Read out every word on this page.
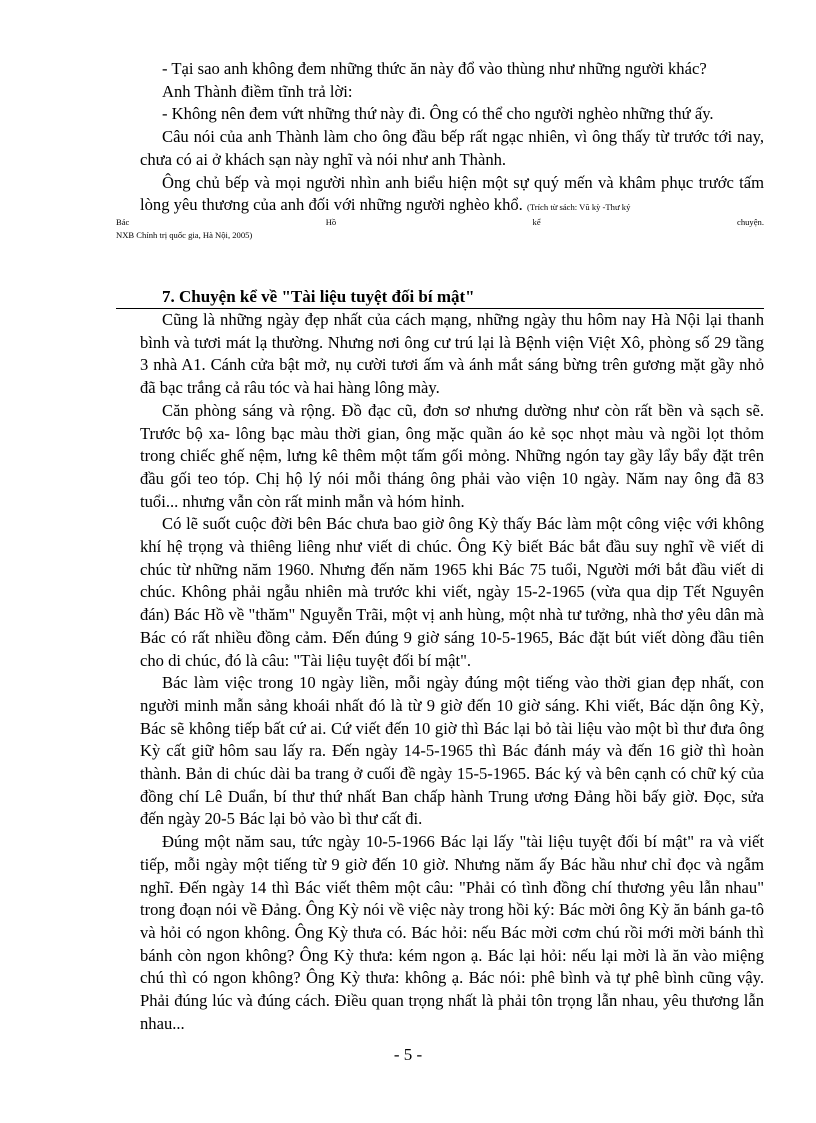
- Tại sao anh không đem những thức ăn này đổ vào thùng như những người khác?

Anh Thành điềm tĩnh trả lời:

- Không nên đem vứt những thứ này đi. Ông có thể cho người nghèo những thứ ấy.

Câu nói của anh Thành làm cho ông đầu bếp rất ngạc nhiên, vì ông thấy từ trước tới nay, chưa có ai ở khách sạn này nghĩ và nói như anh Thành.

Ông chủ bếp và mọi người nhìn anh biểu hiện một sự quý mến và khâm phục trước tấm lòng yêu thương của anh đối với những người nghèo khổ. (Trích từ sách: Vũ kỳ -Thư ký

Bác	Hồ	kể	chuyện.
NXB Chính trị quốc gia, Hà Nội, 2005)
7. Chuyện kể về "Tài liệu tuyệt đối bí mật"

Cũng là những ngày đẹp nhất của cách mạng, những ngày thu hôm nay Hà Nội lại thanh bình và tươi mát lạ thường. Nhưng nơi ông cư trú lại là Bệnh viện Việt Xô, phòng số 29 tầng 3 nhà A1. Cánh cửa bật mở, nụ cười tươi ấm và ánh mắt sáng bừng trên gương mặt gầy nhỏ đã bạc trắng cả râu tóc và hai hàng lông mày.

Căn phòng sáng và rộng. Đồ đạc cũ, đơn sơ nhưng dường như còn rất bền và sạch sẽ. Trước bộ xa- lông bạc màu thời gian, ông mặc quần áo kẻ sọc nhọt màu và ngồi lọt thỏm trong chiếc ghế nệm, lưng kê thêm một tấm gối mỏng. Những ngón tay gầy lẩy bẩy đặt trên đầu gối teo tóp. Chị hộ lý nói mỗi tháng ông phải vào viện 10 ngày. Năm nay ông đã 83 tuổi... nhưng vẫn còn rất minh mẫn và hóm hỉnh.

Có lẽ suốt cuộc đời bên Bác chưa bao giờ ông Kỳ thấy Bác làm một công việc với không khí hệ trọng và thiêng liêng như viết di chúc. Ông Kỳ biết Bác bắt đầu suy nghĩ về viết di chúc từ những năm 1960. Nhưng đến năm 1965 khi Bác 75 tuổi, Người mới bắt đầu viết di chúc. Không phải ngẫu nhiên mà trước khi viết, ngày 15-2-1965 (vừa qua dịp Tết Nguyên đán) Bác Hồ về "thăm" Nguyễn Trãi, một vị anh hùng, một nhà tư tưởng, nhà thơ yêu dân mà Bác có rất nhiều đồng cảm. Đến đúng 9 giờ sáng 10-5-1965, Bác đặt bút viết dòng đầu tiên cho di chúc, đó là câu: "Tài liệu tuyệt đối bí mật".

Bác làm việc trong 10 ngày liền, mỗi ngày đúng một tiếng vào thời gian đẹp nhất, con người minh mẫn sảng khoái nhất đó là từ 9 giờ đến 10 giờ sáng. Khi viết, Bác dặn ông Kỳ, Bác sẽ không tiếp bất cứ ai. Cứ viết đến 10 giờ thì Bác lại bỏ tài liệu vào một bì thư đưa ông Kỳ cất giữ hôm sau lấy ra. Đến ngày 14-5-1965 thì Bác đánh máy và đến 16 giờ thì hoàn thành. Bản di chúc dài ba trang ở cuối đề ngày 15-5-1965. Bác ký và bên cạnh có chữ ký của đồng chí Lê Duẩn, bí thư thứ nhất Ban chấp hành Trung ương Đảng hồi bấy giờ. Đọc, sửa đến ngày 20-5 Bác lại bỏ vào bì thư cất đi.

Đúng một năm sau, tức ngày 10-5-1966 Bác lại lấy "tài liệu tuyệt đối bí mật" ra và viết tiếp, mỗi ngày một tiếng từ 9 giờ đến 10 giờ. Nhưng năm ấy Bác hầu như chỉ đọc và ngẫm nghĩ. Đến ngày 14 thì Bác viết thêm một câu: "Phải có tình đồng chí thương yêu lẫn nhau" trong đoạn nói về Đảng. Ông Kỳ nói về việc này trong hồi ký: Bác mời ông Kỳ ăn bánh ga-tô và hỏi có ngon không. Ông Kỳ thưa có. Bác hỏi: nếu Bác mời cơm chú rồi mới mời bánh thì bánh còn ngon không? Ông Kỳ thưa: kém ngon ạ. Bác lại hỏi: nếu lại mời là ăn vào miệng chú thì có ngon không? Ông Kỳ thưa: không ạ. Bác nói: phê bình và tự phê bình cũng vậy. Phải đúng lúc và đúng cách. Điều quan trọng nhất là phải tôn trọng lẫn nhau, yêu thương lẫn nhau...

- 5 -
